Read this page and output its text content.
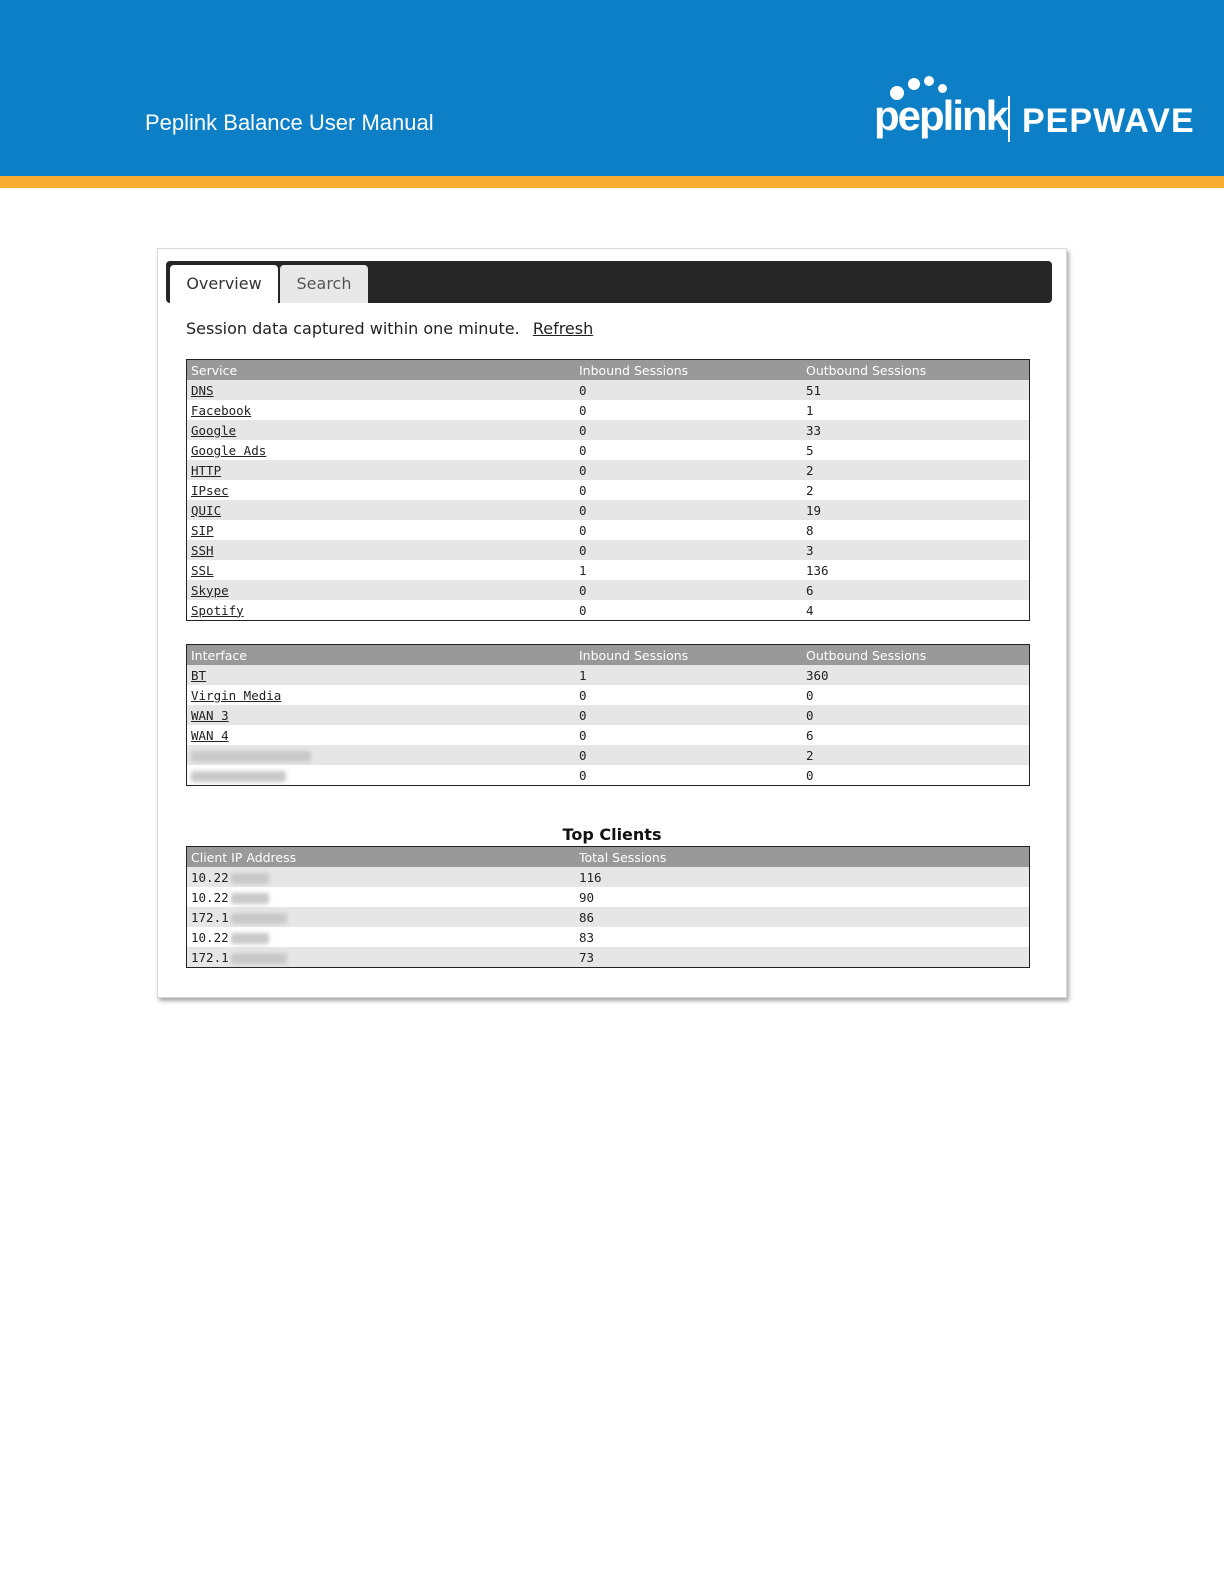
Peplink Balance User Manual	peplink PEPWAVE
Overview	Search
Session data captured within one minute. Refresh
Service	Inbound Sessions	Outbound Sessions
DNS	0	51
Facebook	0	1
Google	0	33
Google Ads	0	5
HTTP	0	2
IPsec	0	2
QUIC	0	19
SIP	0	8
SSH	0	3
SSL	1	136
Skype	0	6
Spotify	0	4
Interface	Inbound Sessions	Outbound Sessions
BT	1	360
Virgin Media	0	0
WAN 3	0	0
WAN 4	0	6
	0	2
	0	0
Top Clients
Client IP Address	Total Sessions
10.22	116
10.22	90
172.1	86
10.22	83
172.1	73
